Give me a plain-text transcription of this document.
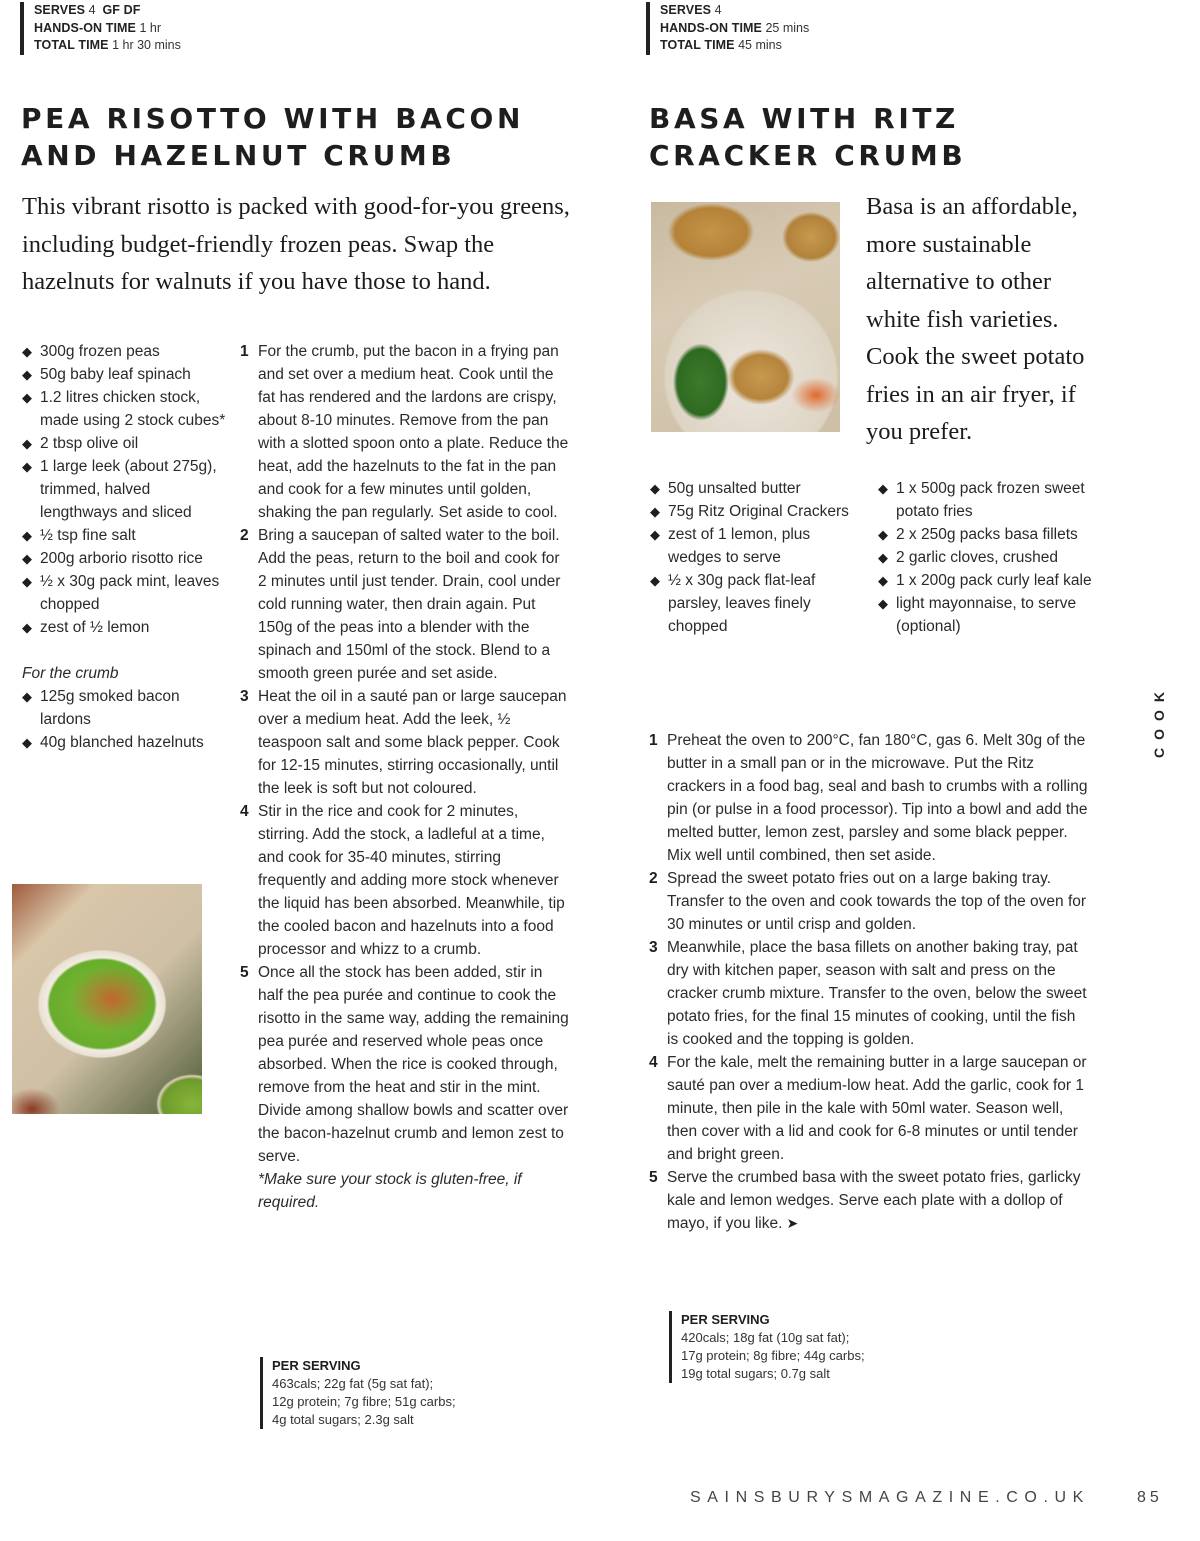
SERVES 4 GF DF
HANDS-ON TIME 1 hr
TOTAL TIME 1 hr 30 mins
PEA RISOTTO WITH BACON
AND HAZELNUT CRUMB

This vibrant risotto is packed with good-for-you greens, including budget-friendly frozen peas. Swap the hazelnuts for walnuts if you have those to hand.

◆ 300g frozen peas
◆ 50g baby leaf spinach
◆ 1.2 litres chicken stock, made using 2 stock cubes*
◆ 2 tbsp olive oil
◆ 1 large leek (about 275g), trimmed, halved lengthways and sliced
◆ ½ tsp fine salt
◆ 200g arborio risotto rice
◆ ½ x 30g pack mint, leaves chopped
◆ zest of ½ lemon
For the crumb
◆ 125g smoked bacon lardons
◆ 40g blanched hazelnuts
1 For the crumb, put the bacon in a frying pan and set over a medium heat. Cook until the fat has rendered and the lardons are crispy, about 8-10 minutes. Remove from the pan with a slotted spoon onto a plate. Reduce the heat, add the hazelnuts to the fat in the pan and cook for a few minutes until golden, shaking the pan regularly. Set aside to cool.
2 Bring a saucepan of salted water to the boil. Add the peas, return to the boil and cook for 2 minutes until just tender. Drain, cool under cold running water, then drain again. Put 150g of the peas into a blender with the spinach and 150ml of the stock. Blend to a smooth green purée and set aside.
3 Heat the oil in a sauté pan or large saucepan over a medium heat. Add the leek, ½ teaspoon salt and some black pepper. Cook for 12-15 minutes, stirring occasionally, until the leek is soft but not coloured.
4 Stir in the rice and cook for 2 minutes, stirring. Add the stock, a ladleful at a time, and cook for 35-40 minutes, stirring frequently and adding more stock whenever the liquid has been absorbed. Meanwhile, tip the cooled bacon and hazelnuts into a food processor and whizz to a crumb.
5 Once all the stock has been added, stir in half the pea purée and continue to cook the risotto in the same way, adding the remaining pea purée and reserved whole peas once absorbed. When the rice is cooked through, remove from the heat and stir in the mint. Divide among shallow bowls and scatter over the bacon-hazelnut crumb and lemon zest to serve.
*Make sure your stock is gluten-free, if required.
PER SERVING
463cals; 22g fat (5g sat fat);
12g protein; 7g fibre; 51g carbs;
4g total sugars; 2.3g salt
SERVES 4
HANDS-ON TIME 25 mins
TOTAL TIME 45 mins
BASA WITH RITZ
CRACKER CRUMB

Basa is an affordable, more sustainable alternative to other white fish varieties. Cook the sweet potato fries in an air fryer, if you prefer.

◆ 50g unsalted butter
◆ 75g Ritz Original Crackers
◆ zest of 1 lemon, plus wedges to serve
◆ ½ x 30g pack flat-leaf parsley, leaves finely chopped
◆ 1 x 500g pack frozen sweet potato fries
◆ 2 x 250g packs basa fillets
◆ 2 garlic cloves, crushed
◆ 1 x 200g pack curly leaf kale
◆ light mayonnaise, to serve (optional)
1 Preheat the oven to 200°C, fan 180°C, gas 6. Melt 30g of the butter in a small pan or in the microwave. Put the Ritz crackers in a food bag, seal and bash to crumbs with a rolling pin (or pulse in a food processor). Tip into a bowl and add the melted butter, lemon zest, parsley and some black pepper. Mix well until combined, then set aside.
2 Spread the sweet potato fries out on a large baking tray. Transfer to the oven and cook towards the top of the oven for 30 minutes or until crisp and golden.
3 Meanwhile, place the basa fillets on another baking tray, pat dry with kitchen paper, season with salt and press on the cracker crumb mixture. Transfer to the oven, below the sweet potato fries, for the final 15 minutes of cooking, until the fish is cooked and the topping is golden.
4 For the kale, melt the remaining butter in a large saucepan or sauté pan over a medium-low heat. Add the garlic, cook for 1 minute, then pile in the kale with 50ml water. Season well, then cover with a lid and cook for 6-8 minutes or until tender and bright green.
5 Serve the crumbed basa with the sweet potato fries, garlicky kale and lemon wedges. Serve each plate with a dollop of mayo, if you like. ➤
PER SERVING
420cals; 18g fat (10g sat fat);
17g protein; 8g fibre; 44g carbs;
19g total sugars; 0.7g salt
COOK
SAINSBURYSMAGAZINE.CO.UK	85
